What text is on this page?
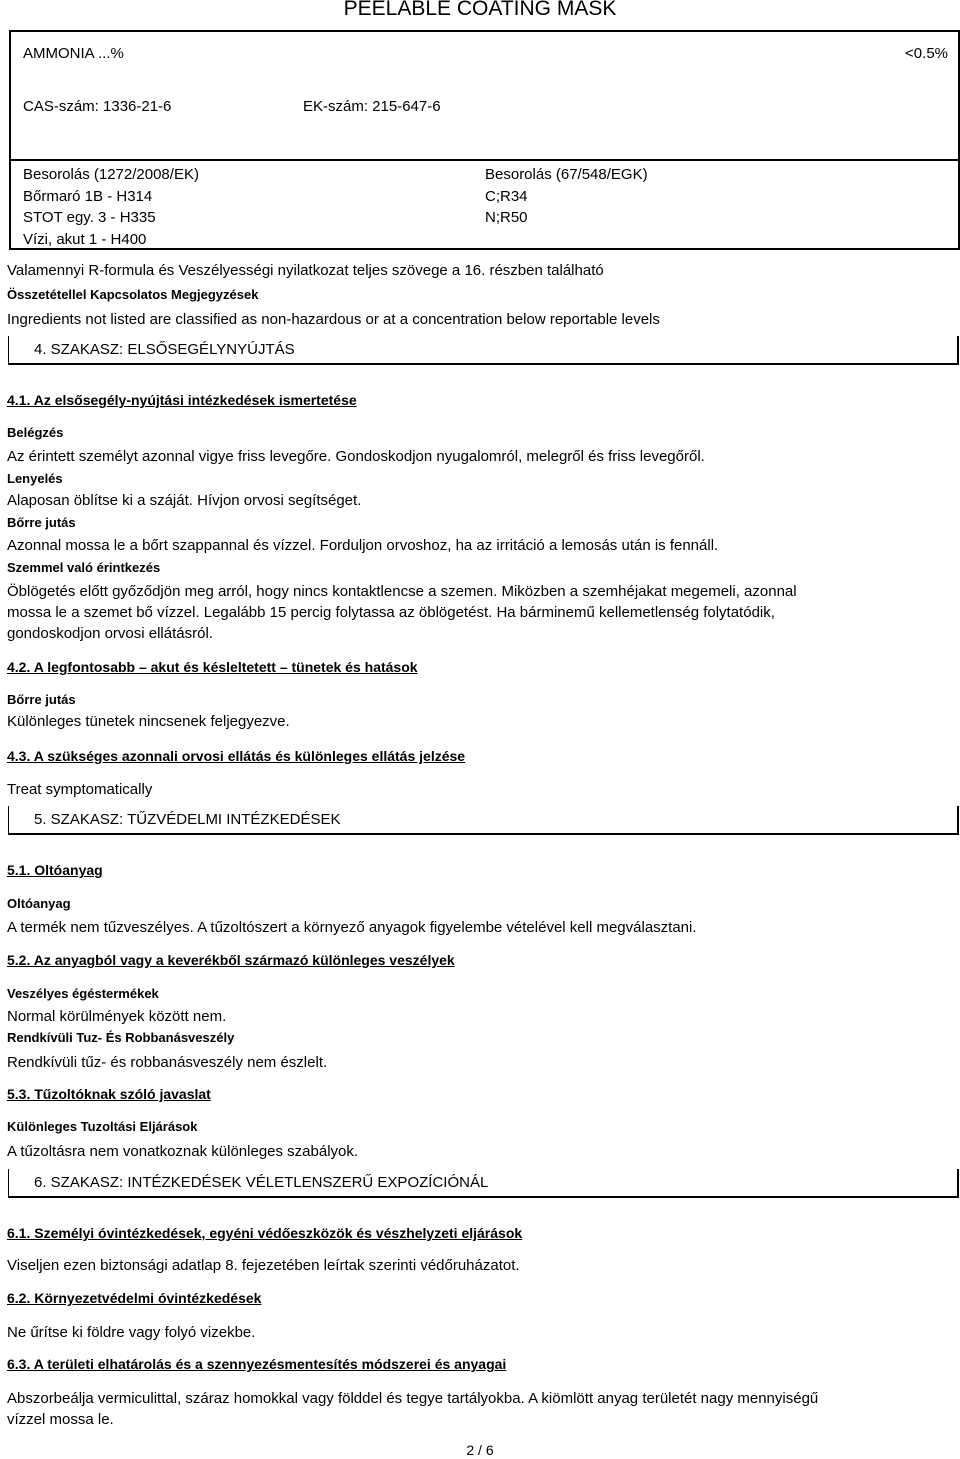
PEELABLE COATING MASK
AMMONIA ...%	<0.5%
CAS-szám: 1336-21-6	EK-szám: 215-647-6
Besorolás (1272/2008/EK)
Bőrmaró 1B - H314
STOT egy. 3 - H335
Vízi, akut 1 - H400
Besorolás (67/548/EGK)
C;R34
N;R50
Valamennyi R-formula és Veszélyességi nyilatkozat teljes szövege a 16. részben található
Összetétellel Kapcsolatos Megjegyzések
Ingredients not listed are classified as non-hazardous or at a concentration below reportable levels
4. SZAKASZ: ELSŐSEGÉLYNYÚJTÁS
4.1. Az elsősegély-nyújtási intézkedések ismertetése
Belégzés
Az érintett személyt azonnal vigye friss levegőre. Gondoskodjon nyugalomról, melegről és friss levegőről.
Lenyelés
Alaposan öblítse ki a száját. Hívjon orvosi segítséget.
Bőrre jutás
Azonnal mossa le a bőrt szappannal és vízzel. Forduljon orvoshoz, ha az irritáció a lemosás után is fennáll.
Szemmel való érintkezés
Öblögetés előtt győződjön meg arról, hogy nincs kontaktlencse a szemen. Miközben a szemhéjakat megemeli, azonnal
mossa le a szemet bő vízzel. Legalább 15 percig folytassa az öblögetést. Ha bárminemű kellemetlenség folytatódik,
gondoskodjon orvosi ellátásról.
4.2. A legfontosabb – akut és késleltetett – tünetek és hatások
Bőrre jutás
Különleges tünetek nincsenek feljegyezve.
4.3. A szükséges azonnali orvosi ellátás és különleges ellátás jelzése
Treat symptomatically
5. SZAKASZ: TŰZVÉDELMI INTÉZKEDÉSEK
5.1. Oltóanyag
Oltóanyag
A termék nem tűzveszélyes. A tűzoltószert a környező anyagok figyelembe vételével kell megválasztani.
5.2. Az anyagból vagy a keverékből származó különleges veszélyek
Veszélyes égéstermékek
Normal körülmények között nem.
Rendkívüli Tuz- És Robbanásveszély
Rendkívüli tűz- és robbanásveszély nem észlelt.
5.3. Tűzoltóknak szóló javaslat
Különleges Tuzoltási Eljárások
A tűzoltásra nem vonatkoznak különleges szabályok.
6. SZAKASZ: INTÉZKEDÉSEK VÉLETLENSZERŰ EXPOZÍCIÓNÁL
6.1. Személyi óvintézkedések, egyéni védőeszközök és vészhelyzeti eljárások
Viseljen ezen biztonsági adatlap 8. fejezetében leírtak szerinti védőruházatot.
6.2. Környezetvédelmi óvintézkedések
Ne űrítse ki földre vagy folyó vizekbe.
6.3. A területi elhatárolás és a szennyezésmentesítés módszerei és anyagai
Abszorbeálja vermiculittal, száraz homokkal vagy földdel és tegye tartályokba. A kiömlött anyag területét nagy mennyiségű
vízzel mossa le.
2 / 6
